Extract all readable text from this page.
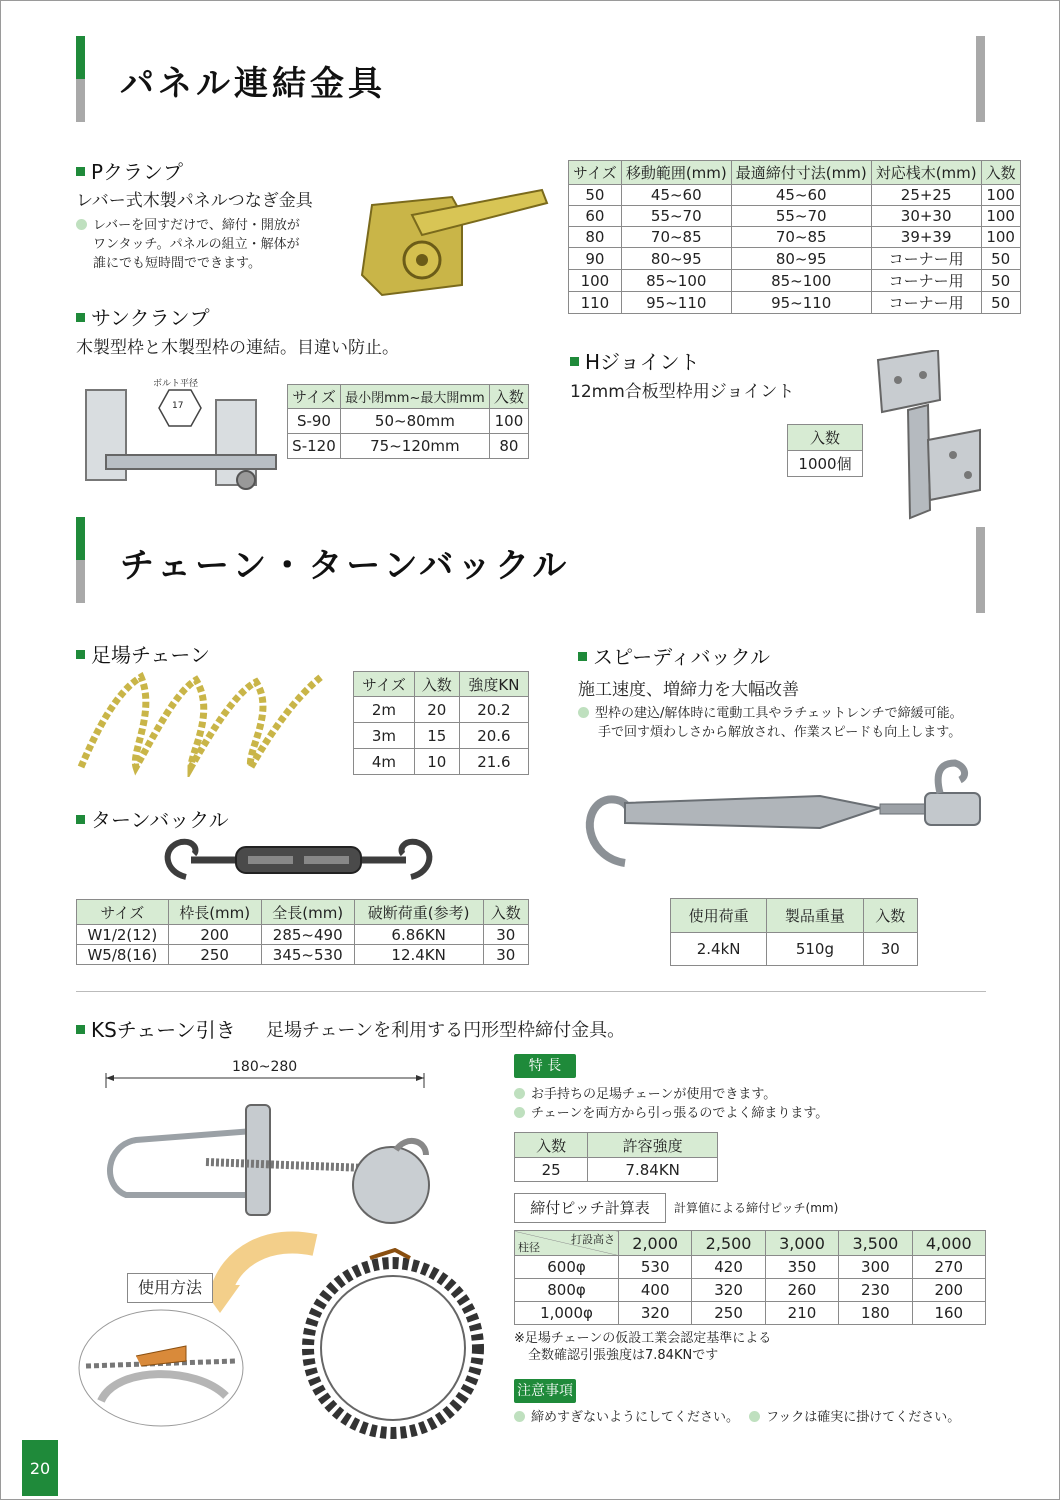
パネル連結金具
Pクランプ
レバー式木製パネルつなぎ金具
レバーを回すだけで、締付・開放が
ワンタッチ。パネルの組立・解体が
誰にでも短時間でできます。
サイズ	移動範囲(mm)	最適締付寸法(mm)	対応桟木(mm)	入数
50	45~60	45~60	25+25	100
60	55~70	55~70	30+30	100
80	70~85	70~85	39+39	100
90	80~95	80~95	コーナー用	50
100	85~100	85~100	コーナー用	50
110	95~110	95~110	コーナー用	50
サンクランプ
木製型枠と木製型枠の連結。目違い防止。
ボルト平径
17	サイズ	最小閉mm~最大開mm	入数
S-90	50~80mm	100
S-120	75~120mm	80
Hジョイント
12mm合板型枠用ジョイント
入数
1000個
チェーン・ターンバックル
足場チェーン
サイズ	入数	強度KN
2m	20	20.2
3m	15	20.6
4m	10	21.6
スピーディバックル
施工速度、増締力を大幅改善
型枠の建込/解体時に電動工具やラチェットレンチで締緩可能。
手で回す煩わしさから解放され、作業スピードも向上します。
使用荷重	製品重量	入数
2.4kN	510g	30
ターンバックル
サイズ	枠長(mm)	全長(mm)	破断荷重(参考)	入数
W1/2(12)	200	285~490	6.86KN	30
W5/8(16)	250	345~530	12.4KN	30
KSチェーン引き 足場チェーンを利用する円形型枠締付金具。
180~280
使用方法
特 長
お手持ちの足場チェーンが使用できます。
チェーンを両方から引っ張るのでよく締まります。
入数	許容強度
25	7.84KN
締付ピッチ計算表	計算値による締付ピッチ(mm)
打設高さ
柱径	2,000	2,500	3,000	3,500	4,000
600φ	530	420	350	300	270
800φ	400	320	260	230	200
1,000φ	320	250	210	180	160
※足場チェーンの仮設工業会認定基準による
全数確認引張強度は7.84KNです
注意事項
締めすぎないようにしてください。 フックは確実に掛けてください。
20
